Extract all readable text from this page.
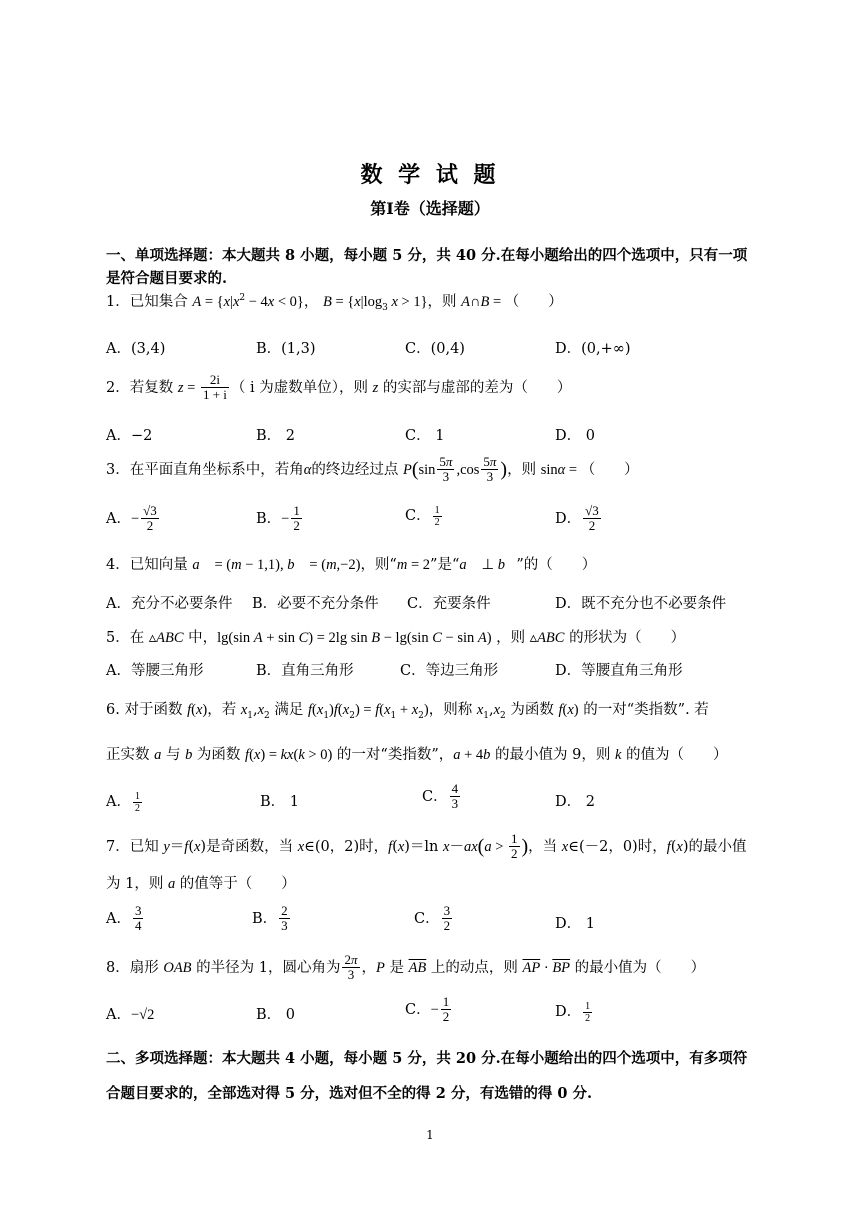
数 学 试 题
第Ⅰ卷（选择题）
一、单项选择题：本大题共 8 小题，每小题 5 分，共 40 分.在每小题给出的四个选项中，只有一项
是符合题目要求的.
1．已知集合 $A = \{x|x^2 - 4x < 0\}$， $B = \{x|\log_3$ x > 1}，则 A∩B = （　　）
A．(3,4)	B．(1,3)	C．(0,4)	D．(0,+∞)
2．若复数 $z = \frac{2i}{1 + i}$ （ i 为虚数单位），则 z 的实部与虚部的差为（　　）
A．−2	B． 2	C． 1	D． 0
3．在平面直角坐标系中，若角α的终边经过点 $P(\sin \frac{5\pi}{3} ,\cos \frac{5\pi}{3}$ )，则 sinα = （　　）
A．− $\frac{√3}{2}$	B．− $\frac{1}{2}$	C． $\frac{1}{2}$	D． $\frac{√3}{2}$
4．已知向量 a⃗ = (m − 1,1), b⃗ = (m,−2)，则“m = 2”是“a⃗ ⊥ b⃗”的（　　）
A．充分不必要条件 B．必要不充分条件 C．充要条件	D．既不充分也不必要条件
5．在 ▵ABC 中，lg(sin A + sin C) = 2lg sin B − lg(sin C − sin A) ，则 ▵ABC 的形状为（　　）
A．等腰三角形	B．直角三角形	C．等边三角形	D．等腰直角三角形
6. 对于函数 f(x)，若 $x_1,x_2$ 满足 $f(x_1)f(x_2) = f(x_1 + x_2)$，则称 $x_1,x_2$ 为函数 f(x) 的一对“类指数”. 若
正实数 a 与 b 为函数 f(x) = kx(k > 0) 的一对“类指数”，a + 4b 的最小值为 9，则 k 的值为（　　）
A． $\frac{1}{2}$	B． 1	C． $\frac{4}{3}$	D． 2
7．已知 y＝f(x)是奇函数，当 x∈(0，2)时，f(x)＝ln $x-ax(a > \frac{1}{2}$ )，当 x∈(－2，0)时，f(x)的最小值
为 1，则 a 的值等于（　　）
A． $\frac{3}{4}$	B． $\frac{2}{3}$	C． $\frac{3}{2}$	D． 1
8．扇形 OAB 的半径为 1，圆心角为 $\frac{2\pi}{3}$ ，P 是 $\overline{AB}$ 上的动点，则 $\overline{AP} \cdot \overline{BP}$ 的最小值为（　　）
A．−√2	B． 0	C．− $\frac{1}{2}$	D． $\frac{1}{2}$
二、多项选择题：本大题共 4 小题，每小题 5 分，共 20 分.在每小题给出的四个选项中，有多项符
合题目要求的，全部选对得 5 分，选对但不全的得 2 分，有选错的得 0 分.
1
